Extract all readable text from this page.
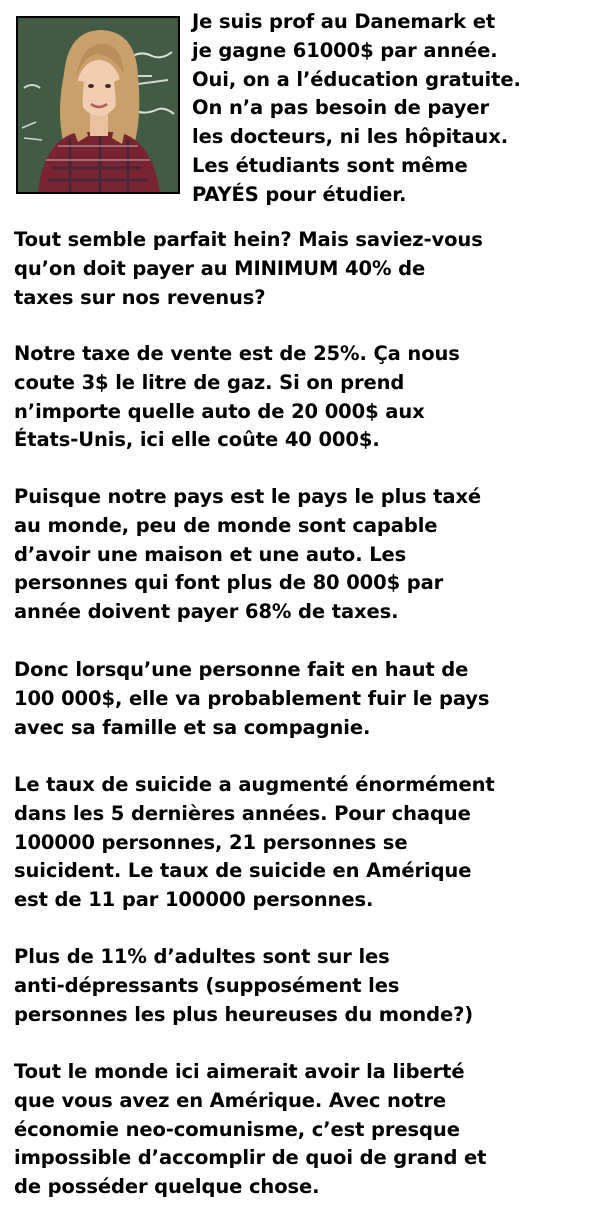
Je suis prof au Danemark et
je gagne 61000$ par année.
Oui, on a l’éducation gratuite.
On n’a pas besoin de payer
les docteurs, ni les hôpitaux.
Les étudiants sont même
PAYÉS pour étudier.
Tout semble parfait hein? Mais saviez-vous
qu’on doit payer au MINIMUM 40% de
taxes sur nos revenus?
Notre taxe de vente est de 25%. Ça nous
coute 3$ le litre de gaz. Si on prend
n’importe quelle auto de 20 000$ aux
États-Unis, ici elle coûte 40 000$.
Puisque notre pays est le pays le plus taxé
au monde, peu de monde sont capable
d’avoir une maison et une auto. Les
personnes qui font plus de 80 000$ par
année doivent payer 68% de taxes.
Donc lorsqu’une personne fait en haut de
100 000$, elle va probablement fuir le pays
avec sa famille et sa compagnie.
Le taux de suicide a augmenté énormément
dans les 5 dernières années. Pour chaque
100000 personnes, 21 personnes se
suicident. Le taux de suicide en Amérique
est de 11 par 100000 personnes.
Plus de 11% d’adultes sont sur les
anti-dépressants (supposément les
personnes les plus heureuses du monde?)
Tout le monde ici aimerait avoir la liberté
que vous avez en Amérique. Avec notre
économie neo-comunisme, c’est presque
impossible d’accomplir de quoi de grand et
de posséder quelque chose.
